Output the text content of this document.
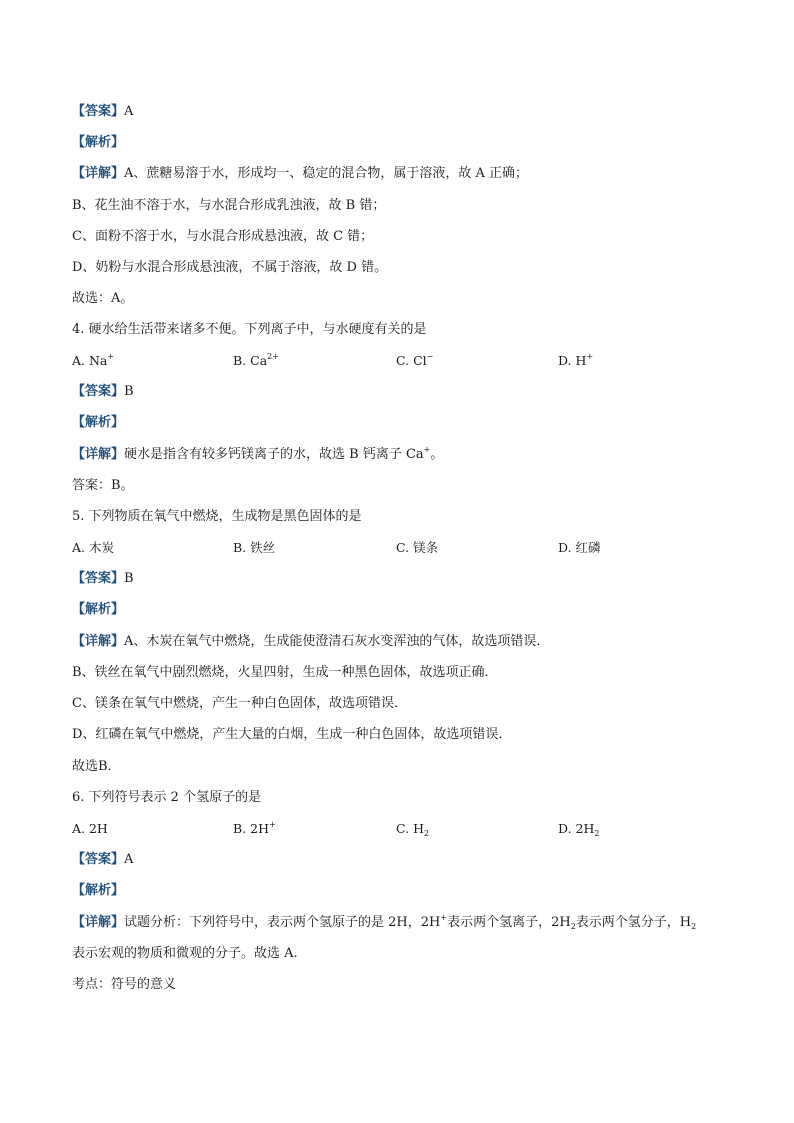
【答案】A
【解析】
【详解】A、蔗糖易溶于水，形成均一、稳定的混合物，属于溶液，故 A 正确；
B、花生油不溶于水，与水混合形成乳浊液，故 B 错；
C、面粉不溶于水，与水混合形成悬浊液，故 C 错；
D、奶粉与水混合形成悬浊液，不属于溶液，故 D 错。
故选：A。
4. 硬水给生活带来诸多不便。下列离子中，与水硬度有关的是
A. Na+	B. $Ca^{2+}$	C. Cl−	D. H+
【答案】B
【解析】
【详解】硬水是指含有较多钙镁离子的水，故选 B 钙离子 Ca+。
答案：B。
5. 下列物质在氧气中燃烧，生成物是黑色固体的是
A. 木炭	B. 铁丝	C. 镁条	D. 红磷
【答案】B
【解析】
【详解】A、木炭在氧气中燃烧，生成能使澄清石灰水变浑浊的气体，故选项错误．
B、铁丝在氧气中剧烈燃烧，火星四射，生成一种黑色固体，故选项正确．
C、镁条在氧气中燃烧，产生一种白色固体，故选项错误．
D、红磷在氧气中燃烧，产生大量的白烟，生成一种白色固体，故选项错误．
故选B．
6. 下列符号表示 2 个氢原子的是
A. 2H	B. 2H+	C. $H_2$	D. $2H_2$
【答案】A
【解析】
【详解】试题分析：下列符号中，表示两个氢原子的是 2H，2H+表示两个氢离子，$2H_2$表示两个氢分子，$H_2$
表示宏观的物质和微观的分子。故选 A.
考点：符号的意义
